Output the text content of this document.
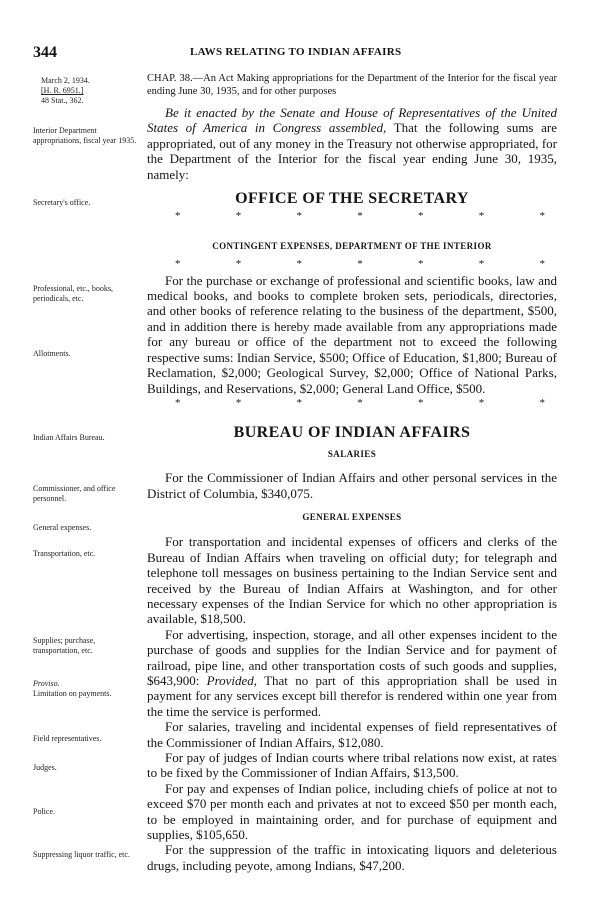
344	LAWS RELATING TO INDIAN AFFAIRS
March 2, 1934.
[H. R. 6951.]
48 Stat., 362.
Interior Department appropriations, fiscal year 1935.
Secretary's office.
Professional, etc., books, periodicals, etc.
Allotments.
Indian Affairs Bureau.
Commissioner, and office personnel.
General expenses.
Transportation, etc.
Supplies; purchase, transportation, etc.
Proviso.
Limitation on payments.
Field representatives.
Judges.
Police.
Suppressing liquor traffic, etc.

CHAP. 38.—An Act Making appropriations for the Department of the Interior for the fiscal year ending June 30, 1935, and for other purposes

Be it enacted by the Senate and House of Representatives of the United States of America in Congress assembled, That the following sums are appropriated, out of any money in the Treasury not otherwise appropriated, for the Department of the Interior for the fiscal year ending June 30, 1935, namely:

OFFICE OF THE SECRETARY
*	*	*	*	*	*	*
CONTINGENT EXPENSES, DEPARTMENT OF THE INTERIOR
*	*	*	*	*	*	*

For the purchase or exchange of professional and scientific books, law and medical books, and books to complete broken sets, periodicals, directories, and other books of reference relating to the business of the department, $500, and in addition there is hereby made available from any appropriations made for any bureau or office of the department not to exceed the following respective sums: Indian Service, $500; Office of Education, $1,800; Bureau of Reclamation, $2,000; Geological Survey, $2,000; Office of National Parks, Buildings, and Reservations, $2,000; General Land Office, $500.

*	*	*	*	*	*	*
BUREAU OF INDIAN AFFAIRS
SALARIES

For the Commissioner of Indian Affairs and other personal services in the District of Columbia, $340,075.

GENERAL EXPENSES

For transportation and incidental expenses of officers and clerks of the Bureau of Indian Affairs when traveling on official duty; for telegraph and telephone toll messages on business pertaining to the Indian Service sent and received by the Bureau of Indian Affairs at Washington, and for other necessary expenses of the Indian Service for which no other appropriation is available, $18,500.

For advertising, inspection, storage, and all other expenses incident to the purchase of goods and supplies for the Indian Service and for payment of railroad, pipe line, and other transportation costs of such goods and supplies, $643,900: Provided, That no part of this appropriation shall be used in payment for any services except bill therefor is rendered within one year from the time the service is performed.

For salaries, traveling and incidental expenses of field representatives of the Commissioner of Indian Affairs, $12,080.

For pay of judges of Indian courts where tribal relations now exist, at rates to be fixed by the Commissioner of Indian Affairs, $13,500.

For pay and expenses of Indian police, including chiefs of police at not to exceed $70 per month each and privates at not to exceed $50 per month each, to be employed in maintaining order, and for purchase of equipment and supplies, $105,650.

For the suppression of the traffic in intoxicating liquors and deleterious drugs, including peyote, among Indians, $47,200.
